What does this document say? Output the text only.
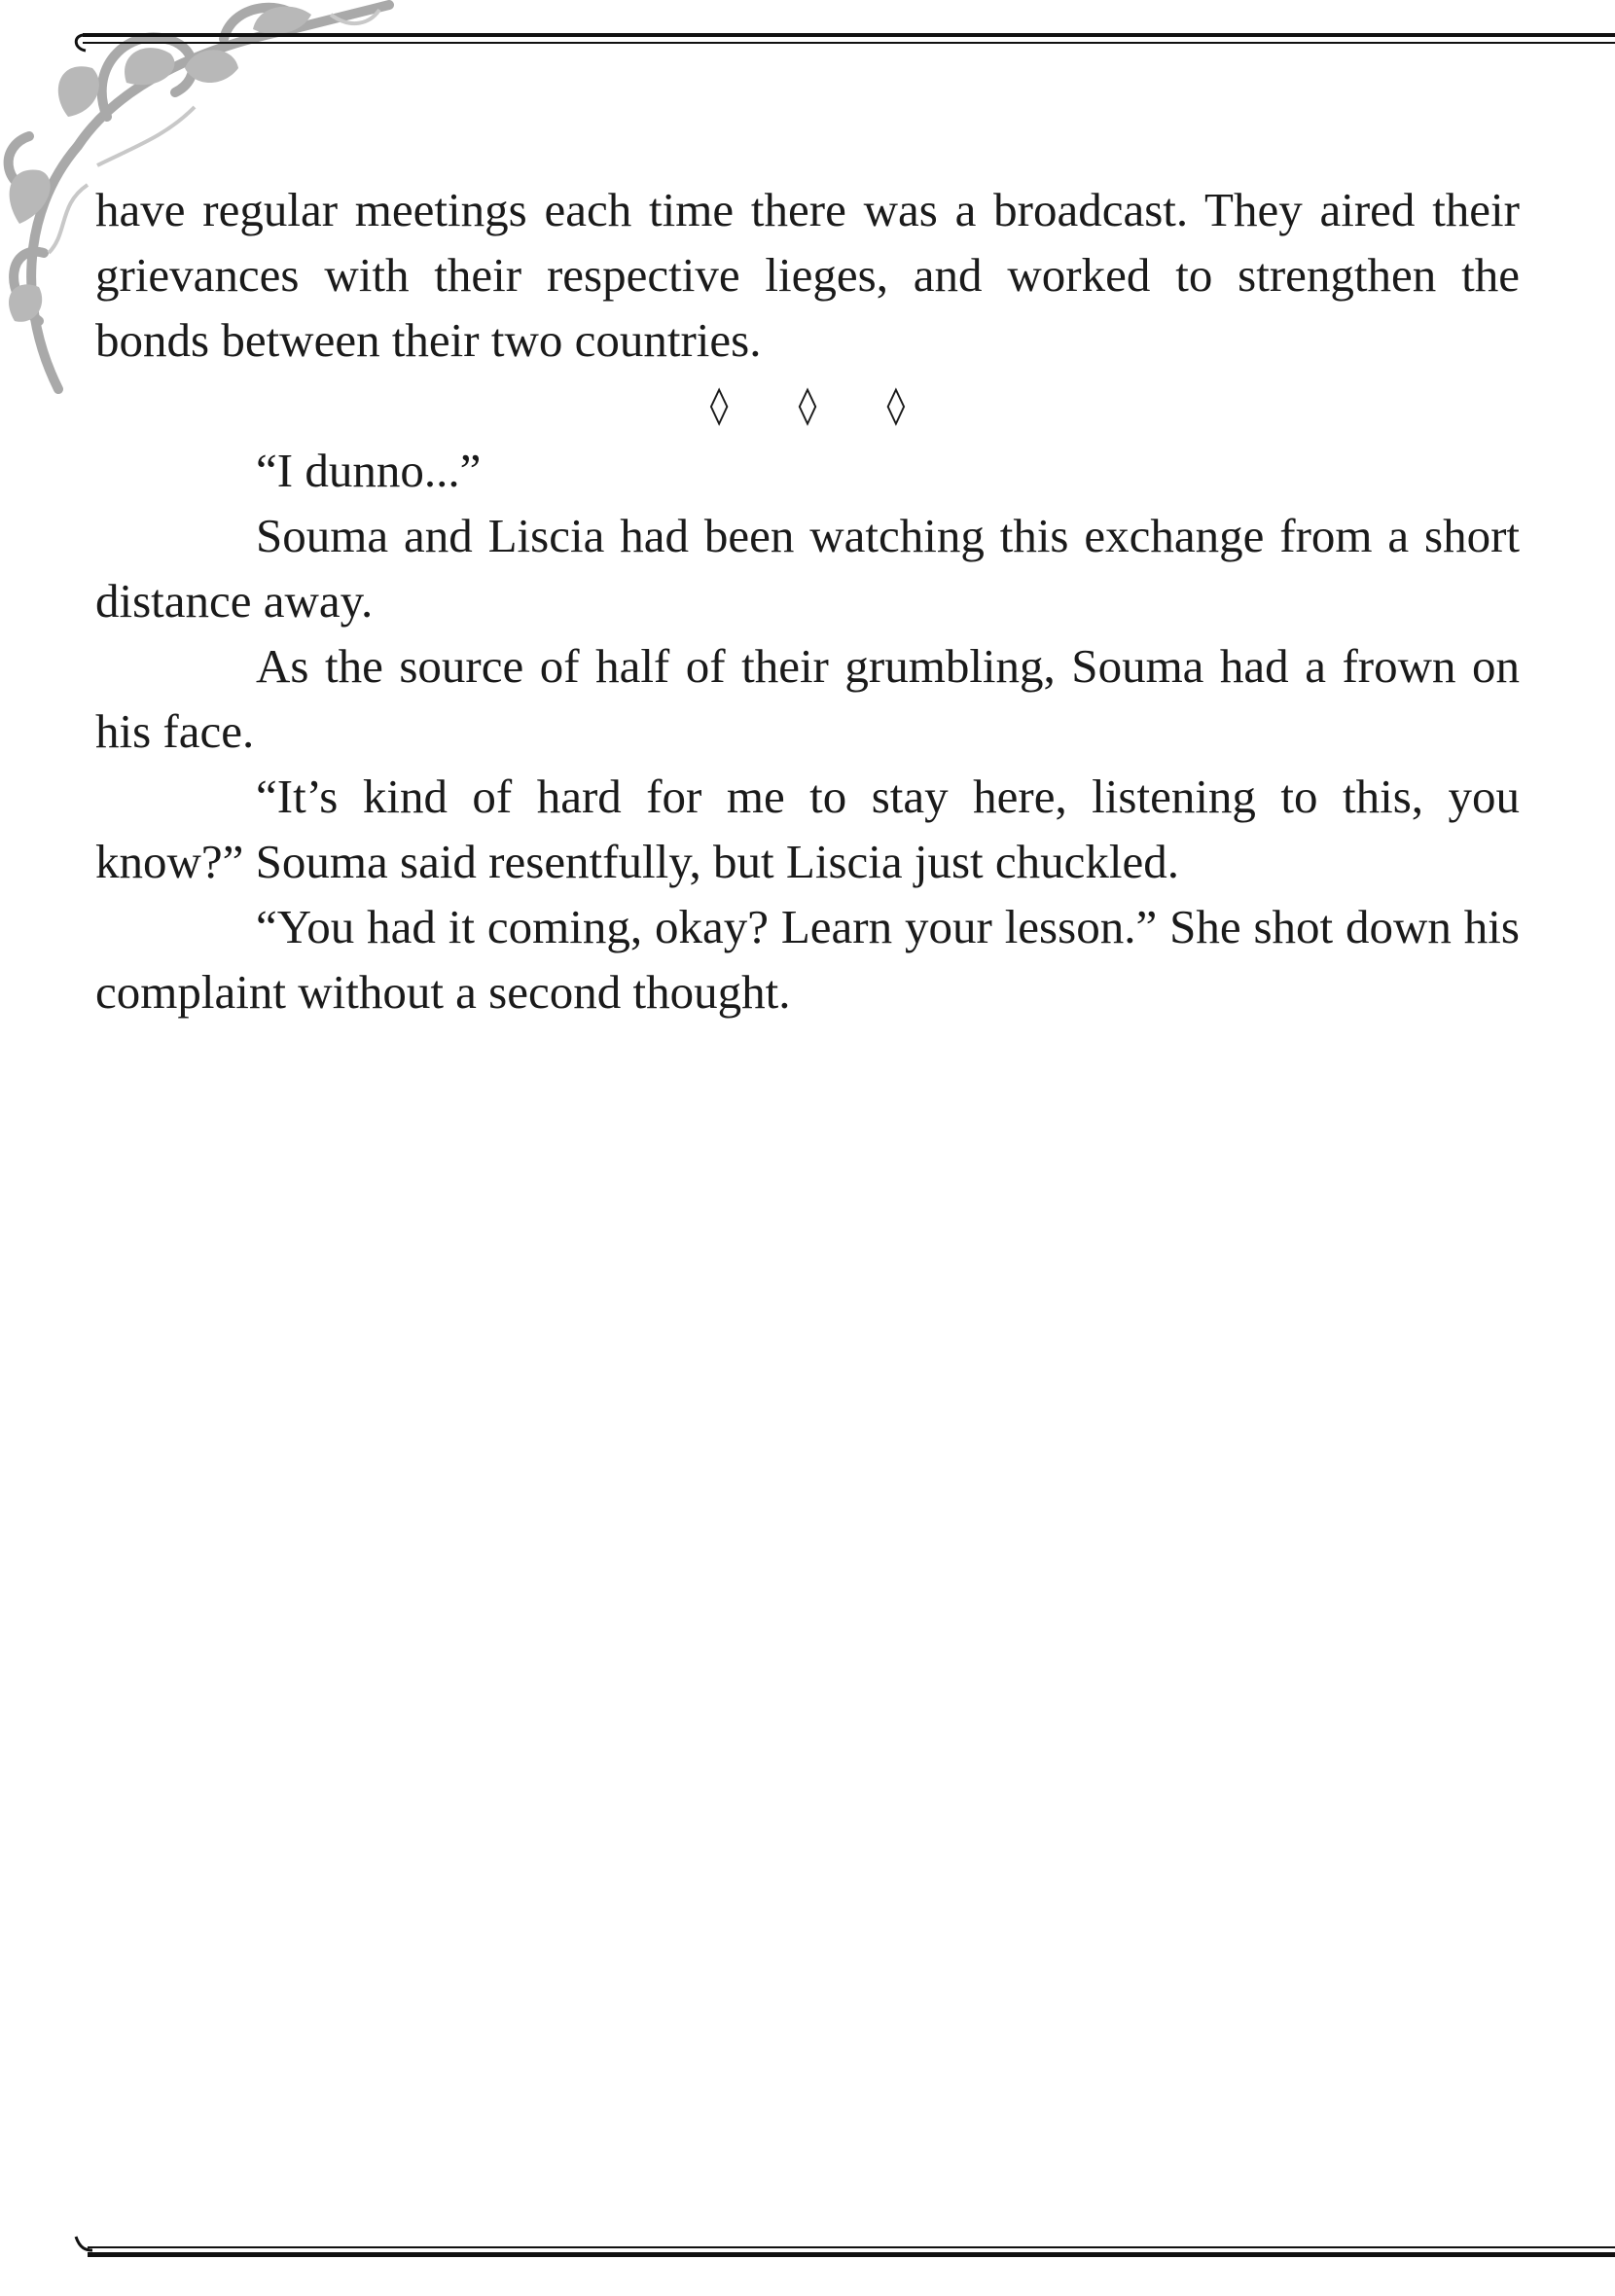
have regular meetings each time there was a broadcast. They aired their grievances with their respective lieges, and worked to strengthen the bonds between their two countries.

◊ ◊ ◊

“I dunno...”

Souma and Liscia had been watching this exchange from a short distance away.

As the source of half of their grumbling, Souma had a frown on his face.

“It’s kind of hard for me to stay here, listening to this, you know?” Souma said resentfully, but Liscia just chuckled.

“You had it coming, okay? Learn your lesson.” She shot down his complaint without a second thought.
